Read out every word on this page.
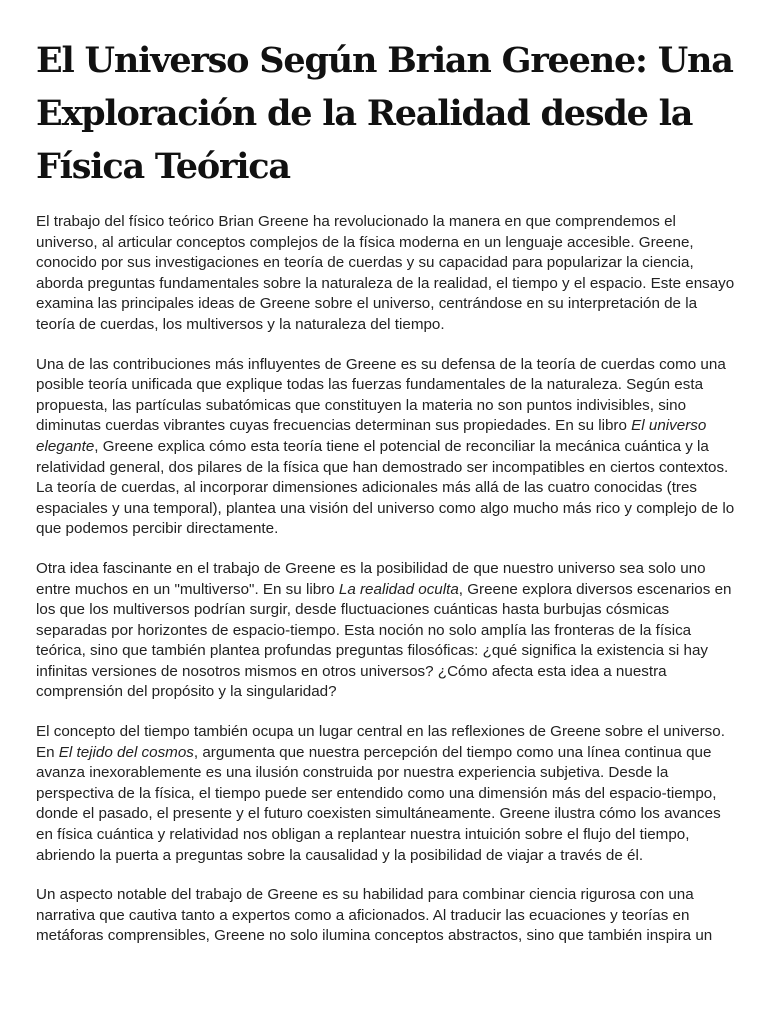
El Universo Según Brian Greene: Una Exploración de la Realidad desde la Física Teórica

El trabajo del físico teórico Brian Greene ha revolucionado la manera en que comprendemos el universo, al articular conceptos complejos de la física moderna en un lenguaje accesible. Greene, conocido por sus investigaciones en teoría de cuerdas y su capacidad para popularizar la ciencia, aborda preguntas fundamentales sobre la naturaleza de la realidad, el tiempo y el espacio. Este ensayo examina las principales ideas de Greene sobre el universo, centrándose en su interpretación de la teoría de cuerdas, los multiversos y la naturaleza del tiempo.

Una de las contribuciones más influyentes de Greene es su defensa de la teoría de cuerdas como una posible teoría unificada que explique todas las fuerzas fundamentales de la naturaleza. Según esta propuesta, las partículas subatómicas que constituyen la materia no son puntos indivisibles, sino diminutas cuerdas vibrantes cuyas frecuencias determinan sus propiedades. En su libro El universo elegante, Greene explica cómo esta teoría tiene el potencial de reconciliar la mecánica cuántica y la relatividad general, dos pilares de la física que han demostrado ser incompatibles en ciertos contextos. La teoría de cuerdas, al incorporar dimensiones adicionales más allá de las cuatro conocidas (tres espaciales y una temporal), plantea una visión del universo como algo mucho más rico y complejo de lo que podemos percibir directamente.

Otra idea fascinante en el trabajo de Greene es la posibilidad de que nuestro universo sea solo uno entre muchos en un "multiverso". En su libro La realidad oculta, Greene explora diversos escenarios en los que los multiversos podrían surgir, desde fluctuaciones cuánticas hasta burbujas cósmicas separadas por horizontes de espacio-tiempo. Esta noción no solo amplía las fronteras de la física teórica, sino que también plantea profundas preguntas filosóficas: ¿qué significa la existencia si hay infinitas versiones de nosotros mismos en otros universos? ¿Cómo afecta esta idea a nuestra comprensión del propósito y la singularidad?

El concepto del tiempo también ocupa un lugar central en las reflexiones de Greene sobre el universo. En El tejido del cosmos, argumenta que nuestra percepción del tiempo como una línea continua que avanza inexorablemente es una ilusión construida por nuestra experiencia subjetiva. Desde la perspectiva de la física, el tiempo puede ser entendido como una dimensión más del espacio-tiempo, donde el pasado, el presente y el futuro coexisten simultáneamente. Greene ilustra cómo los avances en física cuántica y relatividad nos obligan a replantear nuestra intuición sobre el flujo del tiempo, abriendo la puerta a preguntas sobre la causalidad y la posibilidad de viajar a través de él.

Un aspecto notable del trabajo de Greene es su habilidad para combinar ciencia rigurosa con una narrativa que cautiva tanto a expertos como a aficionados. Al traducir las ecuaciones y teorías en metáforas comprensibles, Greene no solo ilumina conceptos abstractos, sino que también inspira un
